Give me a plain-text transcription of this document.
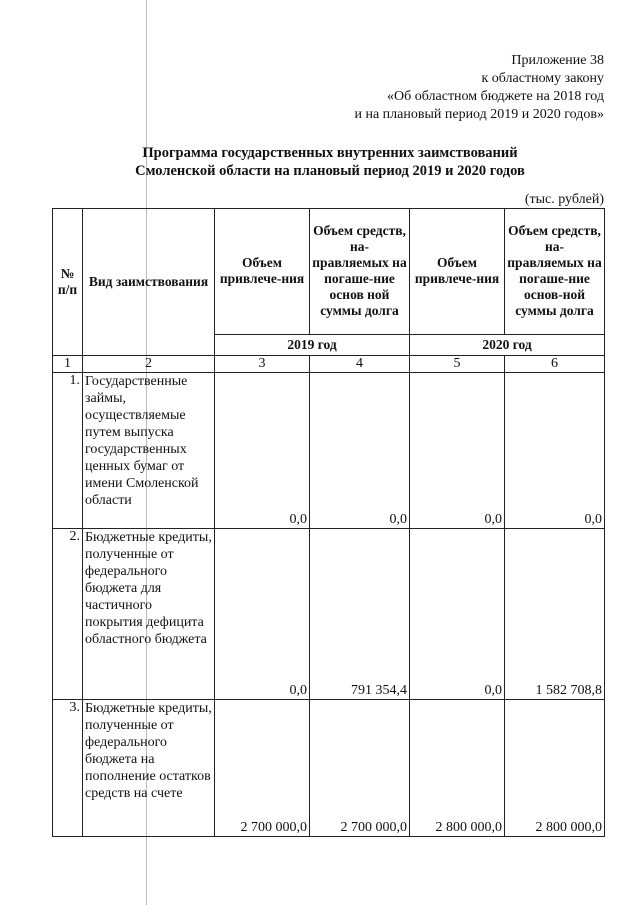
Приложение 38
к областному закону
«Об областном бюджете на 2018 год
и на плановый период 2019 и 2020 годов»
Программа государственных внутренних заимствований
Смоленской области на плановый период 2019 и 2020 годов
(тыс. рублей)
№ п/п	Вид заимствования	Объем привлече-ния	Объем средств, на-правляемых на погаше-ние основ ной суммы долга	Объем привлече-ния	Объем средств, на-правляемых на погаше-ние основ-ной суммы долга
		2019 год		2020 год	
1	2	3	4	5	6
1.	Государственные займы, осуществляемые путем выпуска государственных ценных бумаг от имени Смоленской области	0,0	0,0	0,0	0,0
2.	Бюджетные кредиты, полученные от федерального бюджета для частичного покрытия дефицита областного бюджета	0,0	791 354,4	0,0	1 582 708,8
3.	Бюджетные кредиты, полученные от федерального бюджета на пополнение остатков средств на счете	2 700 000,0	2 700 000,0	2 800 000,0	2 800 000,0
